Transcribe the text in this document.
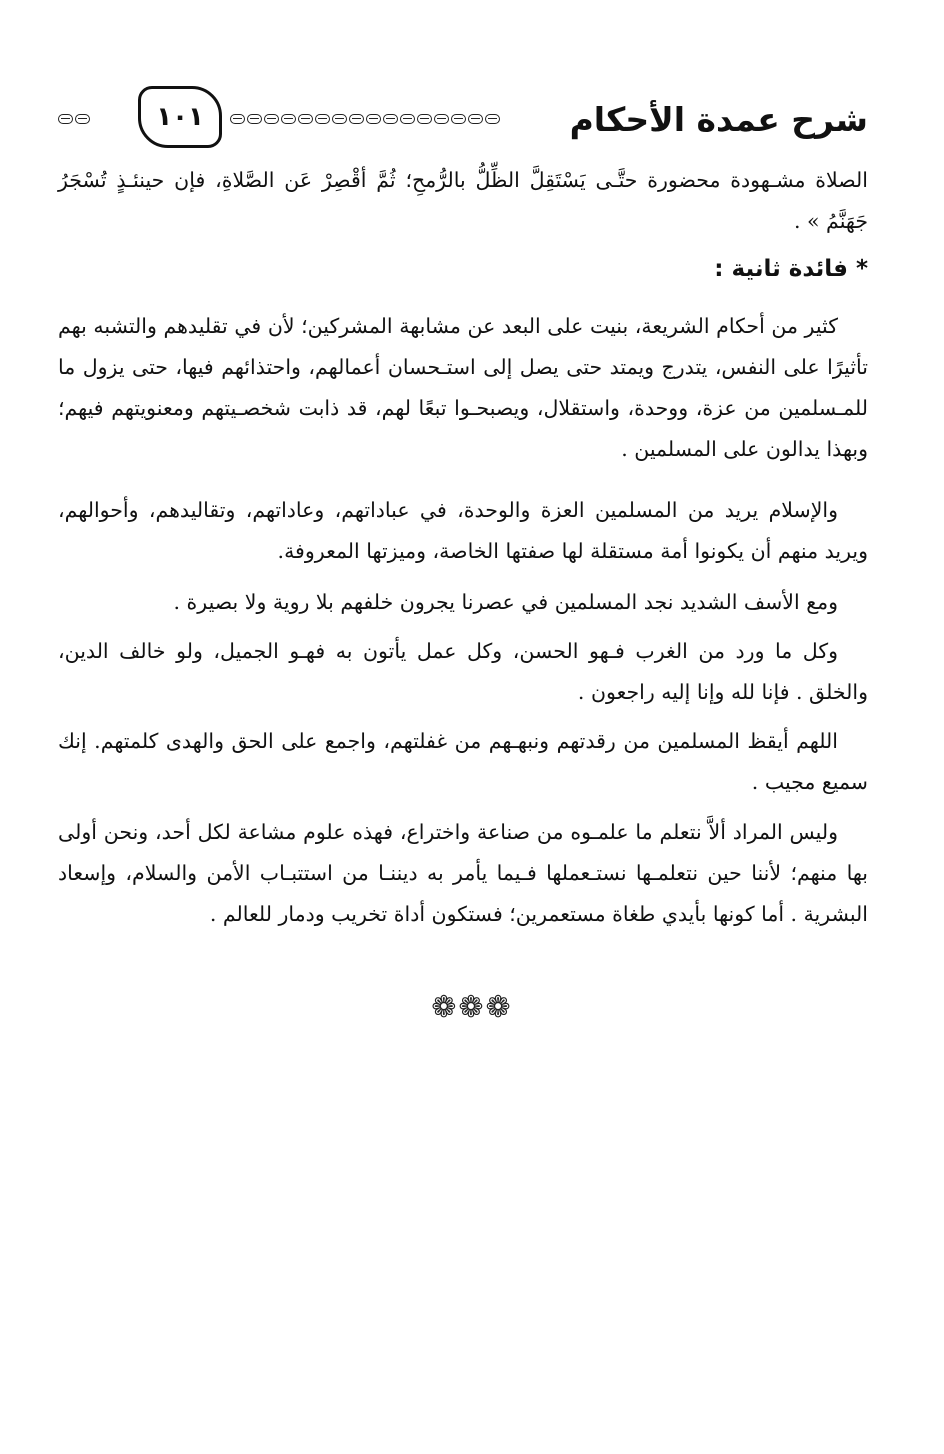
شرح عمدة الأحكام
١٠١

الصلاة مشـهودة محضورة حتَّـى يَسْتَقِلَّ الظِّلُّ بالرُّمحِ؛ ثُمَّ أقْصِرْ عَن الصَّلاةِ، فإن حينئـذٍ تُسْجَرُ جَهَنَّمُ » .

* فائدة ثانية :

كثير من أحكام الشريعة، بنيت على البعد عن مشابهة المشركين؛ لأن في تقليدهم والتشبه بهم تأثيرًا على النفس، يتدرج ويمتد حتى يصل إلى استـحسان أعمالهم، واحتذائهم فيها، حتى يزول ما للمـسلمين من عزة، ووحدة، واستقلال، ويصبحـوا تبعًا لهم، قد ذابت شخصـيتهم ومعنويتهم فيهم؛ وبهذا يدالون على المسلمين .

والإسلام يريد من المسلمين العزة والوحدة، في عباداتهم، وعاداتهم، وتقاليدهم، وأحوالهم، ويريد منهم أن يكونوا أمة مستقلة لها صفتها الخاصة، وميزتها المعروفة.

ومع الأسف الشديد نجد المسلمين في عصرنا يجرون خلفهم بلا روية ولا بصيرة .

وكل ما ورد من الغرب فـهو الحسن، وكل عمل يأتون به فهـو الجميل، ولو خالف الدين، والخلق . فإنا لله وإنا إليه راجعون .

اللهم أيقظ المسلمين من رقدتهم ونبهـهم من غفلتهم، واجمع على الحق والهدى كلمتهم. إنك سميع مجيب .

وليس المراد ألاَّ نتعلم ما علمـوه من صناعة واختراع، فهذه علوم مشاعة لكل أحد، ونحن أولى بها منهم؛ لأننا حين نتعلمـها نستـعملها فـيما يأمر به ديننـا من استتبـاب الأمن والسلام، وإسعاد البشرية . أما كونها بأيدي طغاة مستعمرين؛ فستكون أداة تخريب ودمار للعالم .

❁❁❁
